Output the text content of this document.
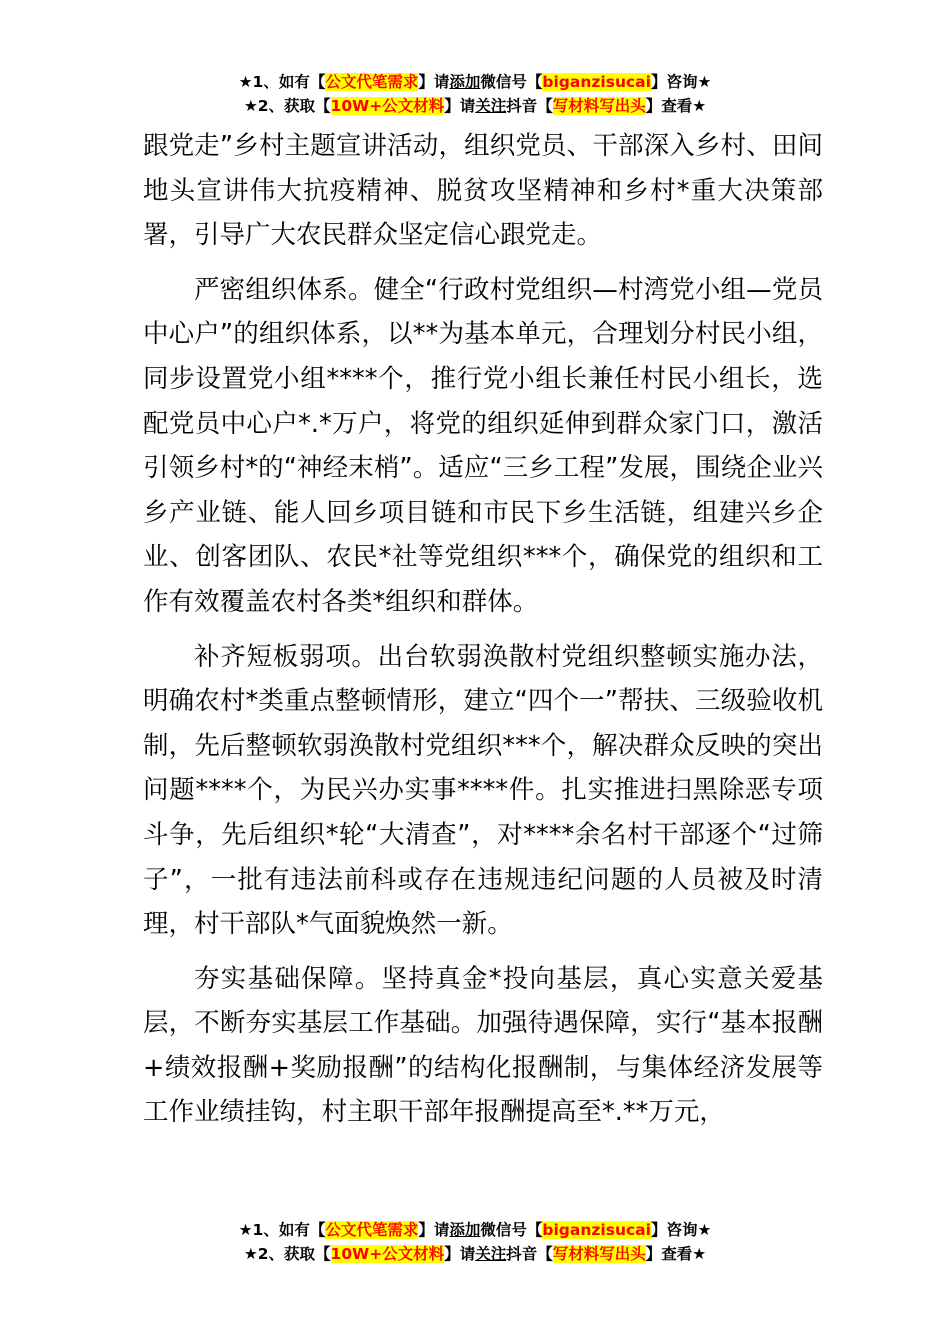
★1、如有【公文代笔需求】请添加微信号【biganzisucai】咨询★
★2、获取【10W+公文材料】请关注抖音【写材料写出头】查看★

跟党走”乡村主题宣讲活动，组织党员、干部深入乡村、田间地头宣讲伟大抗疫精神、脱贫攻坚精神和乡村*重大决策部署，引导广大农民群众坚定信心跟党走。

严密组织体系。健全“行政村党组织—村湾党小组—党员中心户”的组织体系，以**为基本单元，合理划分村民小组，同步设置党小组****个，推行党小组长兼任村民小组长，选配党员中心户*.*万户，将党的组织延伸到群众家门口，激活引领乡村*的“神经末梢”。适应“三乡工程”发展，围绕企业兴乡产业链、能人回乡项目链和市民下乡生活链，组建兴乡企业、创客团队、农民*社等党组织***个，确保党的组织和工作有效覆盖农村各类*组织和群体。

补齐短板弱项。出台软弱涣散村党组织整顿实施办法，明确农村*类重点整顿情形，建立“四个一”帮扶、三级验收机制，先后整顿软弱涣散村党组织***个，解决群众反映的突出问题****个，为民兴办实事****件。扎实推进扫黑除恶专项斗争，先后组织*轮“大清查”，对****余名村干部逐个“过筛子”，一批有违法前科或存在违规违纪问题的人员被及时清理，村干部队*气面貌焕然一新。

夯实基础保障。坚持真金*投向基层，真心实意关爱基层，不断夯实基层工作基础。加强待遇保障，实行“基本报酬+绩效报酬+奖励报酬”的结构化报酬制，与集体经济发展等工作业绩挂钩，村主职干部年报酬提高至*.**万元，

★1、如有【公文代笔需求】请添加微信号【biganzisucai】咨询★
★2、获取【10W+公文材料】请关注抖音【写材料写出头】查看★
